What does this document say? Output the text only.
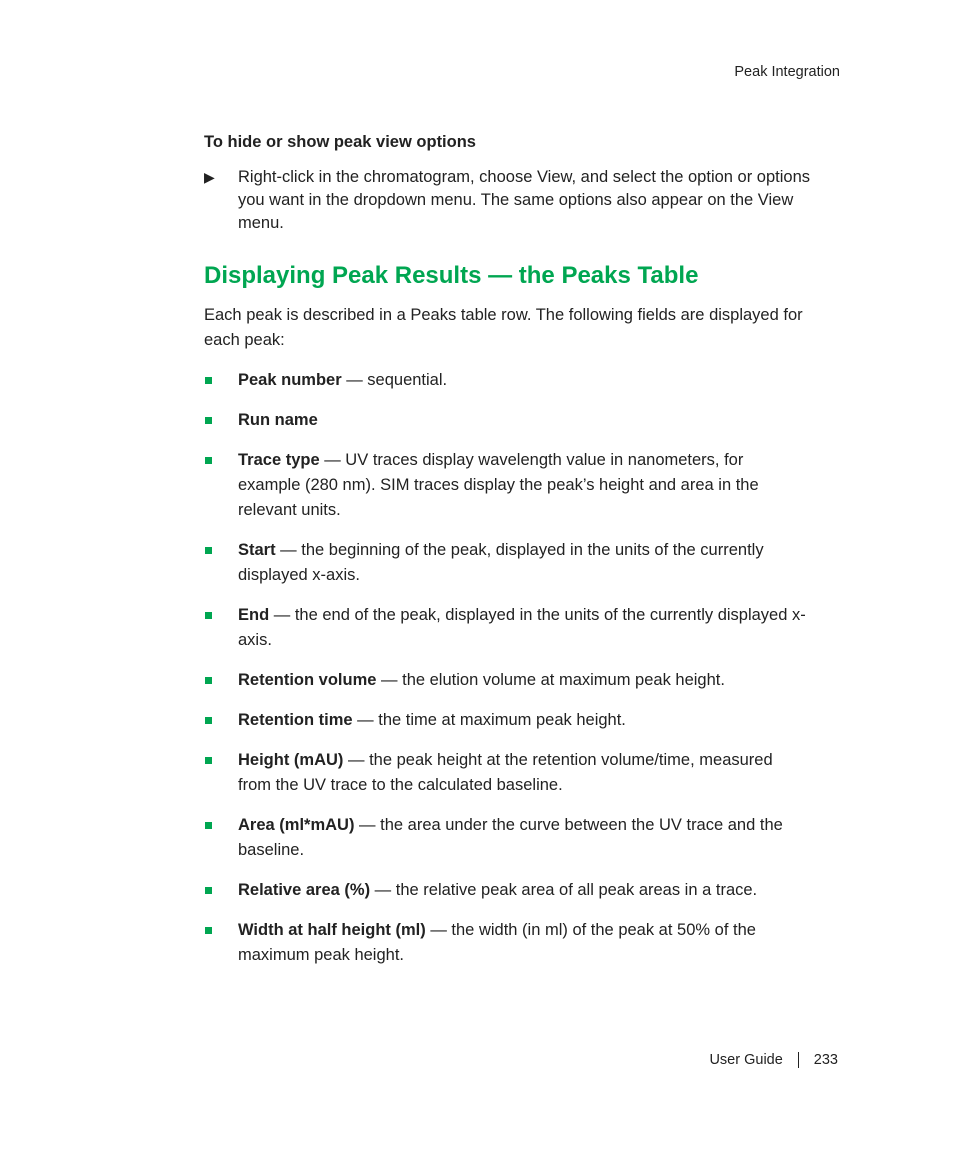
Peak Integration

To hide or show peak view options

▶	Right-click in the chromatogram, choose View, and select the option or options you want in the dropdown menu. The same options also appear on the View menu.
Displaying Peak Results — the Peaks Table

Each peak is described in a Peaks table row. The following fields are displayed for each peak:

Peak number — sequential.
Run name
Trace type — UV traces display wavelength value in nanometers, for example (280 nm). SIM traces display the peak’s height and area in the relevant units.
Start — the beginning of the peak, displayed in the units of the currently displayed x-axis.
End — the end of the peak, displayed in the units of the currently displayed x-axis.
Retention volume — the elution volume at maximum peak height.
Retention time — the time at maximum peak height.
Height (mAU) — the peak height at the retention volume/time, measured from the UV trace to the calculated baseline.
Area (ml*mAU) — the area under the curve between the UV trace and the baseline.
Relative area (%) — the relative peak area of all peak areas in a trace.
Width at half height (ml) — the width (in ml) of the peak at 50% of the maximum peak height.
User Guide 233
